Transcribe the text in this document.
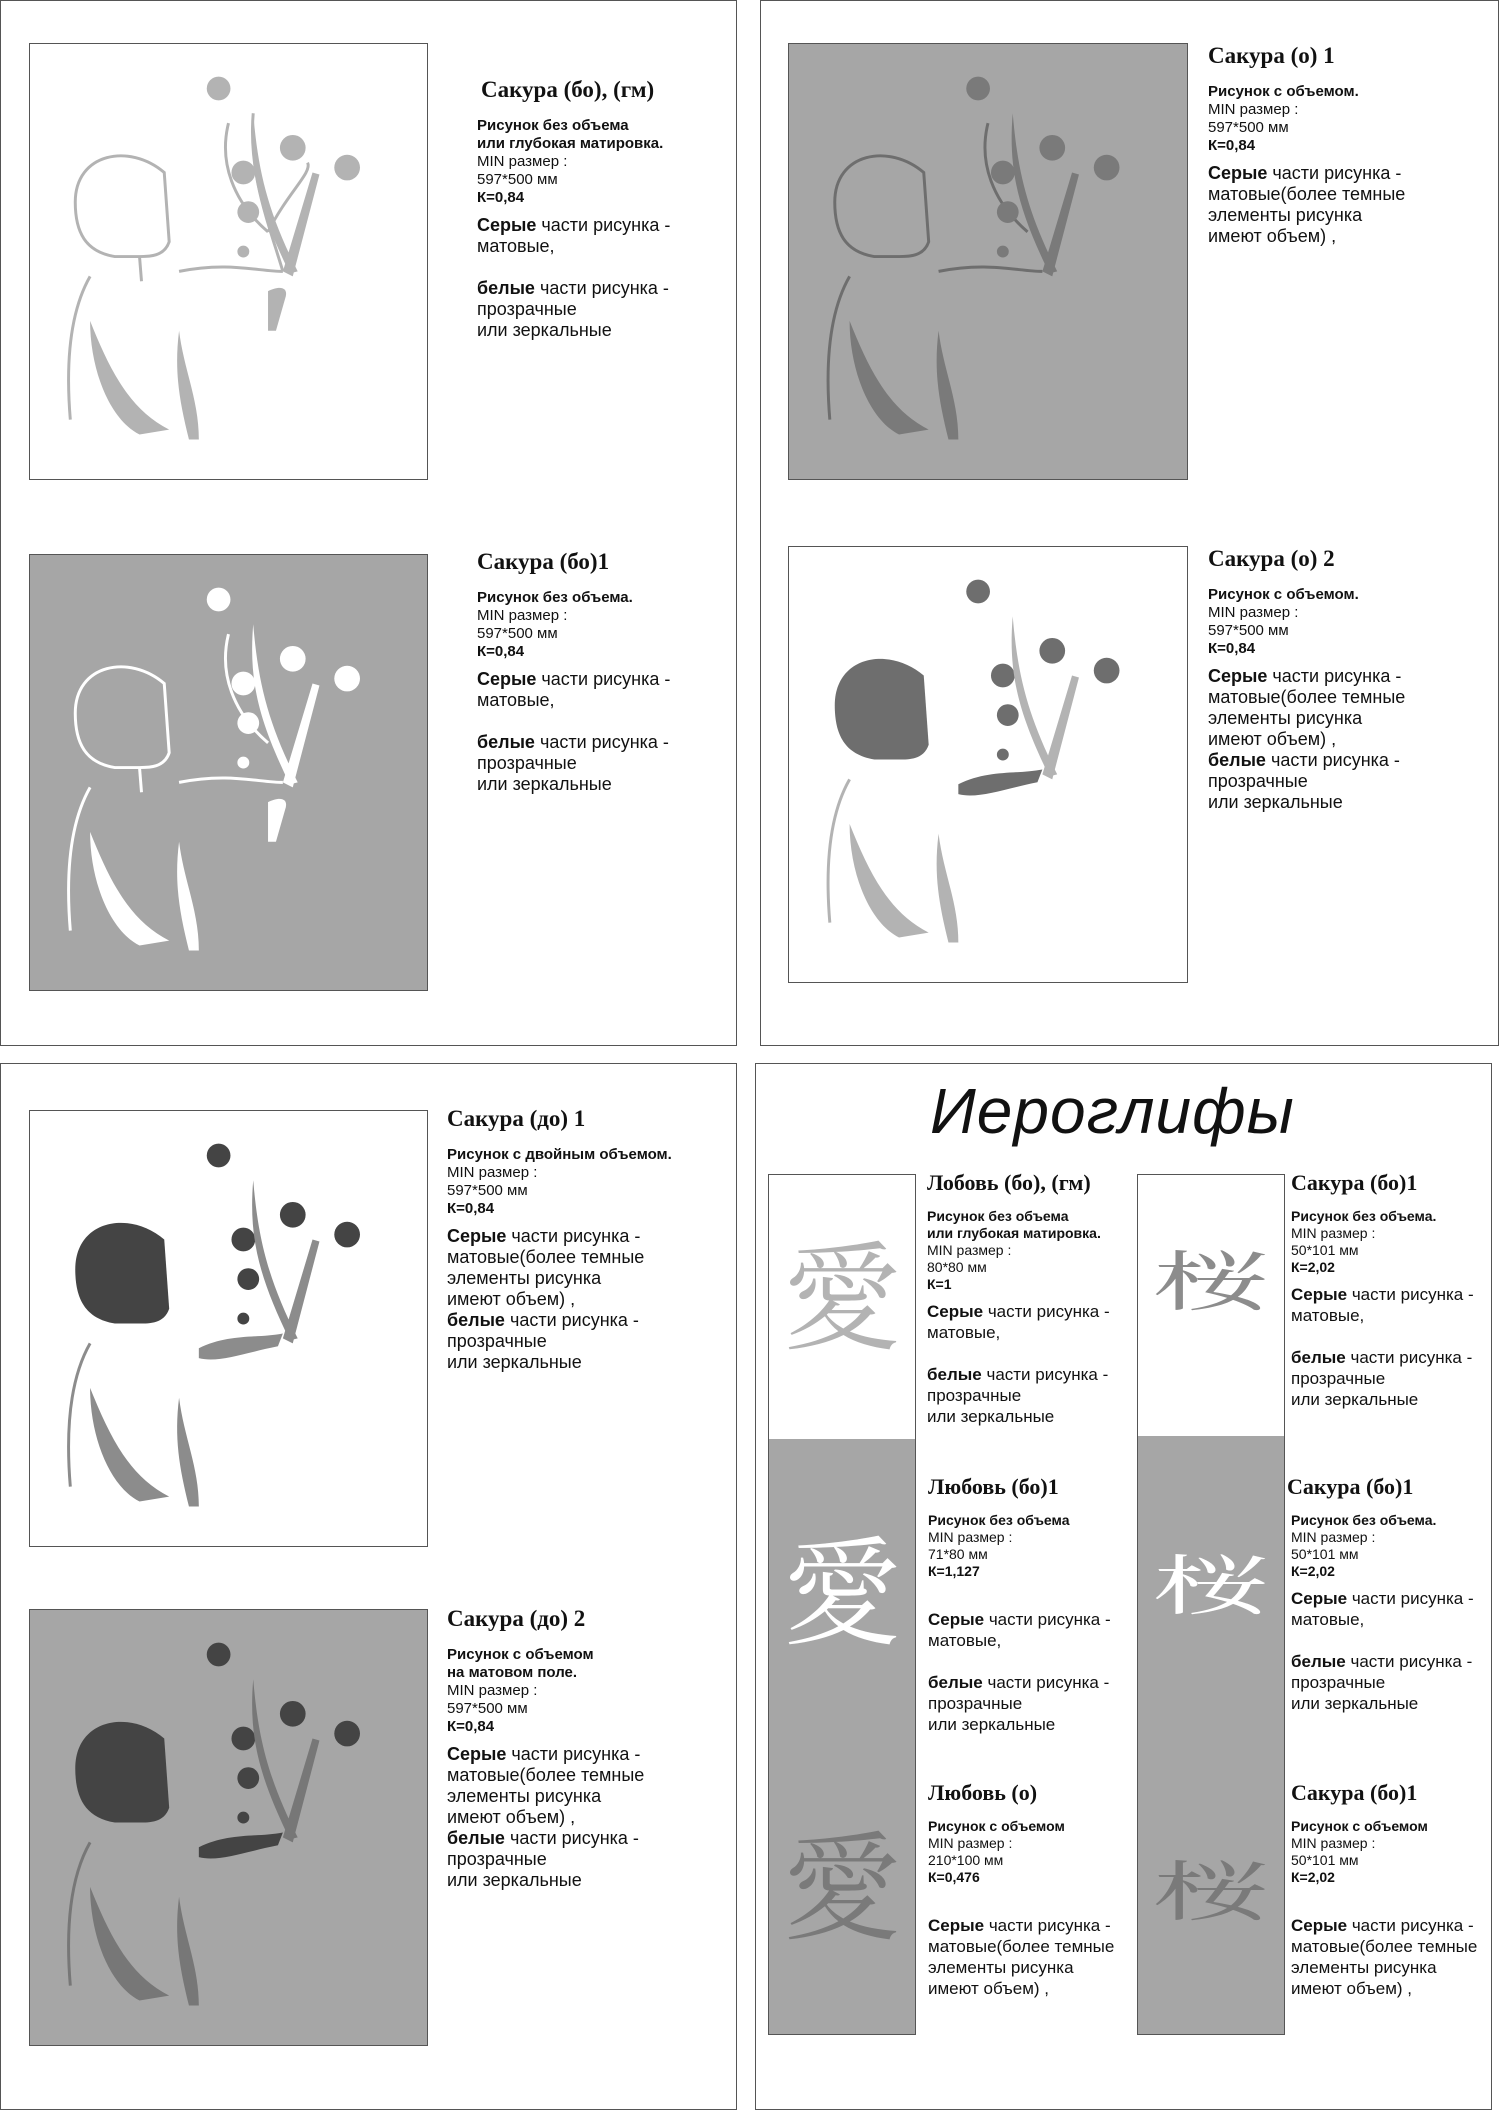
Сакура (бо), (гм)
Рисунок без объема
или глубокая матировка.
MIN размер :
597*500 мм
К=0,84
Серые части рисунка -
матовые,
белые части рисунка -
прозрачные
или зеркальные
Сакура (бо)1
Рисунок без объема.
MIN размер :
597*500 мм
К=0,84
Серые части рисунка -
матовые,
белые части рисунка -
прозрачные
или зеркальные
Сакура (о) 1
Рисунок с объемом.
MIN размер :
597*500 мм
К=0,84
Серые части рисунка -
матовые(более темные
элементы рисунка
имеют объем) ,
Сакура (о) 2
Рисунок с объемом.
MIN размер :
597*500 мм
К=0,84
Серые части рисунка -
матовые(более темные
элементы рисунка
имеют объем) ,
белые части рисунка -
прозрачные
или зеркальные
Сакура (до) 1
Рисунок с двойным объемом.
MIN размер :
597*500 мм
К=0,84
Серые части рисунка -
матовые(более темные
элементы рисунка
имеют объем) ,
белые части рисунка -
прозрачные
или зеркальные
Сакура (до) 2
Рисунок с объемом
на матовом поле.
MIN размер :
597*500 мм
К=0,84
Серые части рисунка -
матовые(более темные
элементы рисунка
имеют объем) ,
белые части рисунка -
прозрачные
или зеркальные
Иероглифы
愛
愛
愛
桜
桜
桜
Лобовь (бо), (гм)
Рисунок без объема
или глубокая матировка.
MIN размер :
80*80 мм
К=1
Серые части рисунка -
матовые,
белые части рисунка -
прозрачные
или зеркальные
Любовь (бо)1
Рисунок без объема
MIN размер :
71*80 мм
К=1,127
Серые части рисунка -
матовые,
белые части рисунка -
прозрачные
или зеркальные
Любовь (о)
Рисунок с объемом
MIN размер :
210*100 мм
К=0,476
Серые части рисунка -
матовые(более темные
элементы рисунка
имеют объем) ,
Сакура (бо)1
Рисунок без объема.
MIN размер :
50*101 мм
К=2,02
Серые части рисунка -
матовые,
белые части рисунка -
прозрачные
или зеркальные
Сакура (бо)1
Рисунок без объема.
MIN размер :
50*101 мм
К=2,02
Серые части рисунка -
матовые,
белые части рисунка -
прозрачные
или зеркальные
Сакура (бо)1
Рисунок с объемом
MIN размер :
50*101 мм
К=2,02
Серые части рисунка -
матовые(более темные
элементы рисунка
имеют объем) ,
